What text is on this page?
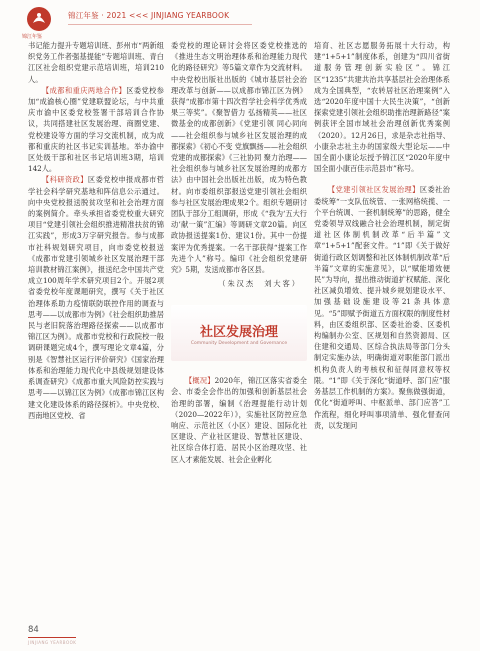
锦江年鉴
锦江年鉴 · 2021 <<< JINJIANG YEARBOOK

书记能力提升专题培训班、彭州市“两新组织党务工作者强基提能”专题培训班、青白江区社会组织党建示范培训班，培训210人。

【成都和重庆两地合作】区委党校参加“成渝核心圈”党建联盟论坛，与中共重庆市渝中区委党校签署干部培训合作协议，共同搭建社区发展治理、商圈党建、党校建设等方面的学习交流机制，成为成都和重庆的社区书记实训基地。举办渝中区处级干部和社区书记培训班3期，培训142人。

【科研资政】区委党校申报成都市哲学社会科学研究基地和阵信息公示通过。向中央党校报送脱贫攻坚和社会治理方面的案例简介。牵头承担省委党校重大研究项目“党建引领社会组织推进精准扶贫的锦江实践”，形成3万字研究报告。参与成都市社科规划研究项目，向市委党校报送《成都市党建引领城乡社区发展治理干部培训教材锦江案例》，报送纪念中国共产党成立100周年学术研究项目2个。开展2项省委党校年度课题研究，撰写《关于社区治理体系助力疫情联防联控作用的调查与思考——以成都市为例》《社会组织助推居民与老旧院落治理路径探索——以成都市锦江区为例》。成都市党校和行政院校一般调研课题完成4个，撰写理论文章4篇，分别是《智慧社区运行评价研究》《国家治理体系和治理能力现代化中县级规划建设体系调查研究》《成都市重大风险防控实践与思考——以锦江区为例》《成都市锦江区构建文化建设体系的路径探析》。中央党校、西南地区党校、省

委党校的理论研讨会将区委党校推选的《推进生态文明治理体系和治理能力现代化的路径研究》等5篇文章作为交流材料。中央党校出版社出版的《城市基层社会治理改革与创新——以成都市锦江区为例》获得“成都市第十四次哲学社会科学优秀成果三等奖”。《聚智借力 弘扬精英——社区微基金的成都创新》《党建引领 同心同向——社会组织参与城乡社区发展治理的成都探索》《初心不变 党旗飘扬——社会组织党建的成都探索》《三社协同 聚力治理——社会组织参与城乡社区发展治理的成都方法》由中国社会出版社出版，成为特色教材。向市委组织部报送党建引领社会组织参与社区发展治理成果2个。组织专题研讨团队于部分工组调研，形成《“我为‘五大行动’献一策”汇编》等调研文章20篇。向区政协报送提案1份、建议1份。其中一份提案评为优秀提案。一名干部获得“提案工作先进个人”称号。编印《社会组织党建研究》5期，发送成都市各区县。

（朱汉杰　刘大客）
社区发展治理
Community Development and Governance

【概况】2020年，锦江区落实省委全会、市委全会作出的加强和创新基层社会治理的部署，编制《治理提能行动计划（2020—2022年）》，实施社区防控应急响应、示范社区（小区）建设、国际化社区建设、产业社区建设、智慧社区建设、社区综合体打造、居民小区治理攻坚、社区人才素能发展、社会企业孵化

培育、社区志愿服务拓展十大行动，构建“1+5+1”制度体系，创建为“四川省街道服务管理创新实验区”。锦江区“1235”共建共治共享基层社会治理体系成为全国典型，“农转居社区治理案例”入选“2020年度中国十大民生决策”，“创新探索党建引领社会组织助推治理新路径”案例获评全国市域社会治理创新优秀案例（2020）。12月26日，求是杂志社指导、小康杂志社主办的国家级大型论坛——中国全面小康论坛授予锦江区“2020年度中国全面小康百佳示范县市”称号。

【党建引领社区发展治理】区委社治委统筹“一支队伍统管、一张网格统揽、一个平台统调、一套机制统筹”的思路，健全党委领导双线融合社会治理机制，制定街道社区体制机制改革“后半篇”文章“1+5+1”配套文件。“1”即《关于做好街道行政区划调整和社区体制机制改革“后半篇”文章的实施意见》，以“赋能增效便民”为导向，提出推动街道扩权赋能、深化社区减负增效、提升城乡规划建设水平、加强基础设施建设等21条具体意见。“5”即赋予街道五方面权限的制度性材料，由区委组织部、区委社治委、区委机构编制办公室、区规划和自然资源局、区住建和交通局、区综合执法局等部门分头制定实施办法，明确街道对职能部门派出机构负责人的考核权和征得同意权等权限。“1”即《关于深化“街道呼、部门应”服务基层工作机制的方案》。聚焦做强街道，优化“街道呼叫、中枢派单、部门应答”工作流程，细化呼叫事项清单、强化督查问责，以发现问

84
JINJIANG YEARBOOK
